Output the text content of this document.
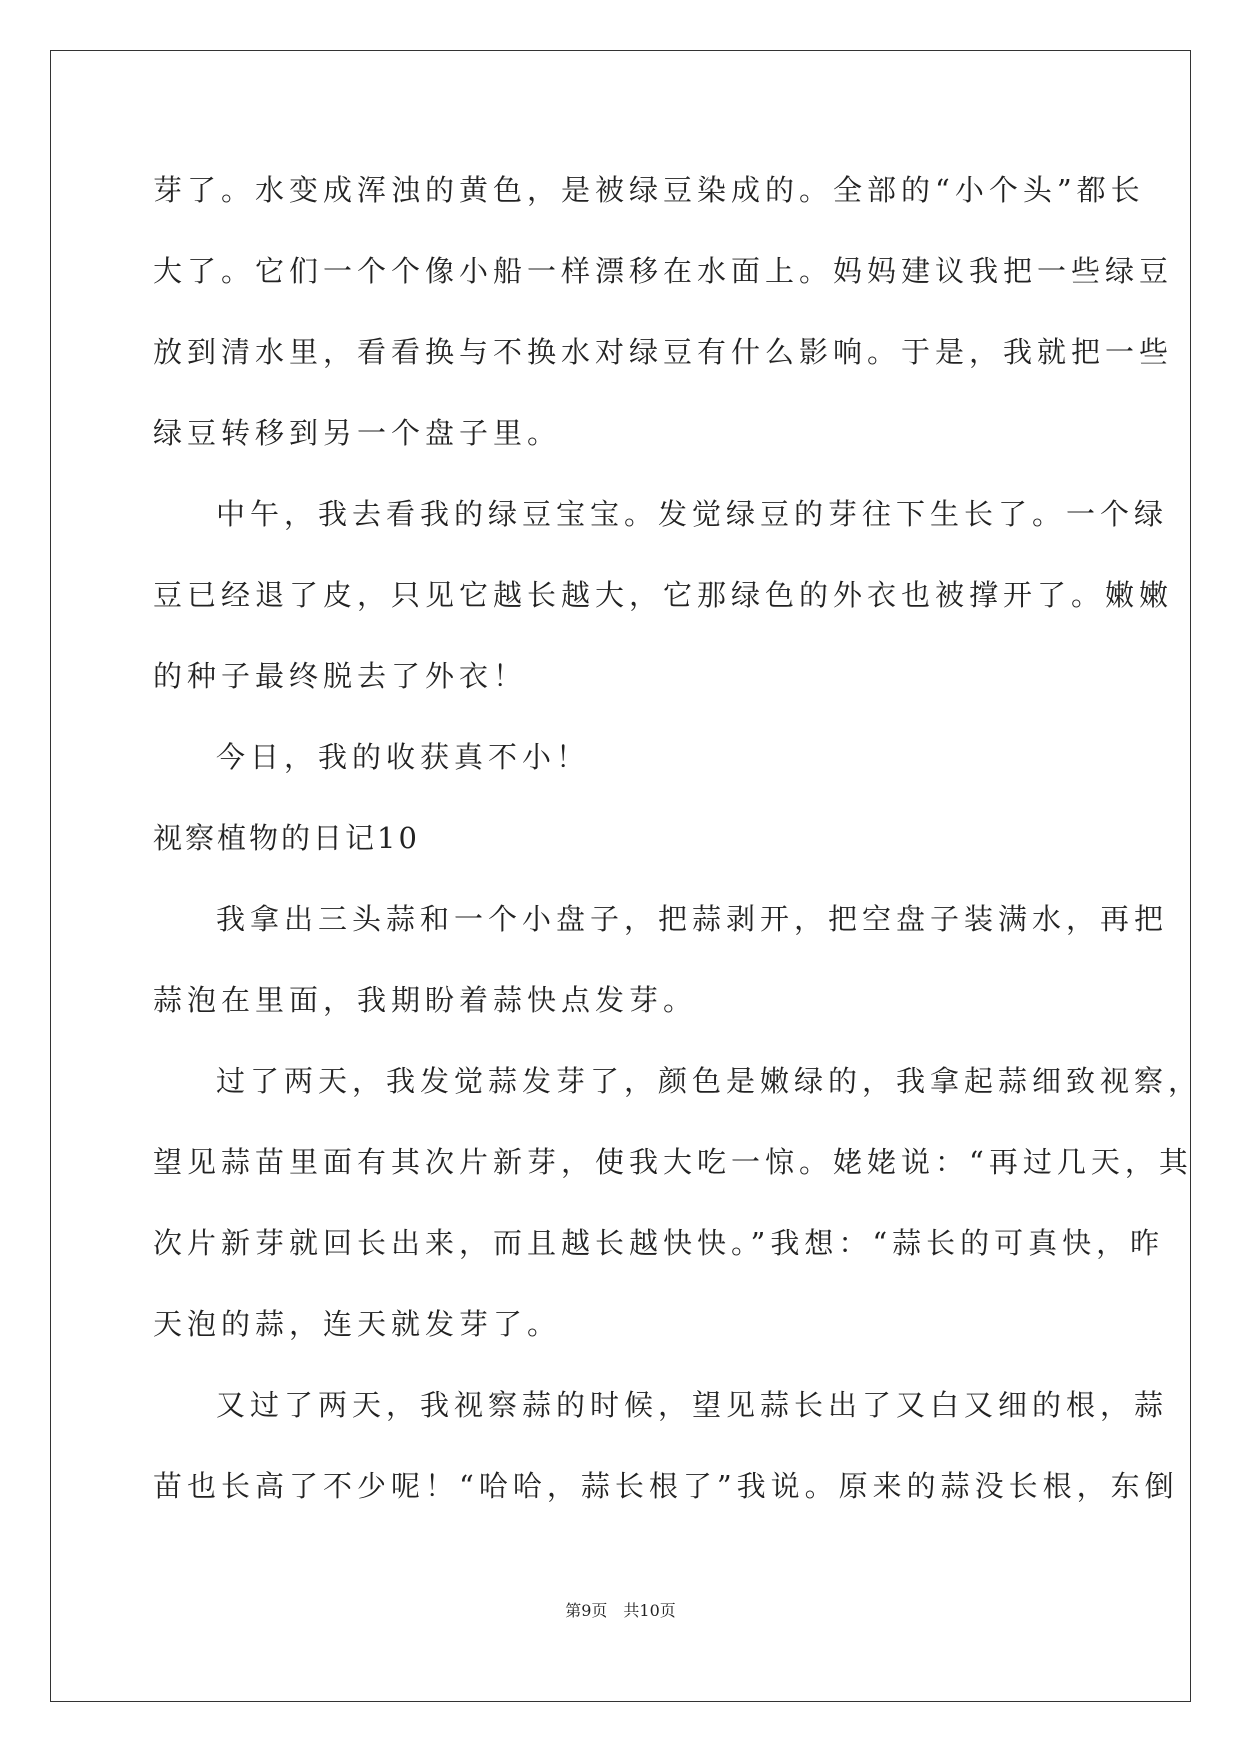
芽了。水变成浑浊的黄色，是被绿豆染成的。全部的“小个头”都长
大了。它们一个个像小船一样漂移在水面上。妈妈建议我把一些绿豆
放到清水里，看看换与不换水对绿豆有什么影响。于是，我就把一些
绿豆转移到另一个盘子里。
中午，我去看我的绿豆宝宝。发觉绿豆的芽往下生长了。一个绿
豆已经退了皮，只见它越长越大，它那绿色的外衣也被撑开了。嫩嫩
的种子最终脱去了外衣！
今日，我的收获真不小！
视察植物的日记10
我拿出三头蒜和一个小盘子，把蒜剥开，把空盘子装满水，再把
蒜泡在里面，我期盼着蒜快点发芽。
过了两天，我发觉蒜发芽了，颜色是嫩绿的，我拿起蒜细致视察，
望见蒜苗里面有其次片新芽，使我大吃一惊。姥姥说：“再过几天，其
次片新芽就回长出来，而且越长越快快。”我想：“蒜长的可真快，昨
天泡的蒜，连天就发芽了。
又过了两天，我视察蒜的时候，望见蒜长出了又白又细的根，蒜
苗也长高了不少呢！“哈哈，蒜长根了”我说。原来的蒜没长根，东倒
第9页　共10页
